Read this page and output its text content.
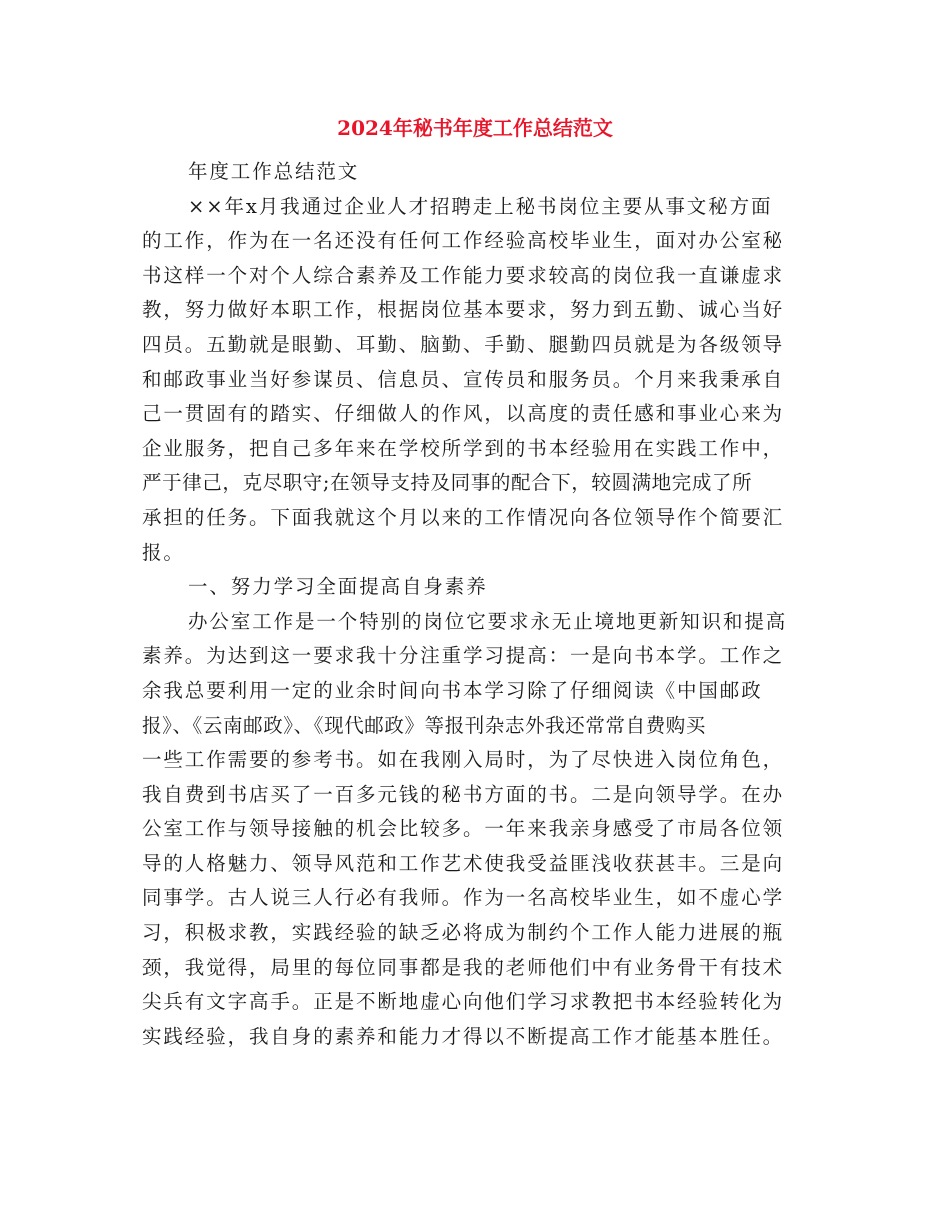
2024年秘书年度工作总结范文
年度工作总结范文
××年x月我通过企业人才招聘走上秘书岗位主要从事文秘方面
的工作，作为在一名还没有任何工作经验高校毕业生，面对办公室秘
书这样一个对个人综合素养及工作能力要求较高的岗位我一直谦虚求
教，努力做好本职工作，根据岗位基本要求，努力到五勤、诚心当好
四员。五勤就是眼勤、耳勤、脑勤、手勤、腿勤四员就是为各级领导
和邮政事业当好参谋员、信息员、宣传员和服务员。个月来我秉承自
己一贯固有的踏实、仔细做人的作风，以高度的责任感和事业心来为
企业服务，把自己多年来在学校所学到的书本经验用在实践工作中，
严于律己，克尽职守;在领导支持及同事的配合下，较圆满地完成了所
承担的任务。下面我就这个月以来的工作情况向各位领导作个简要汇
报。
一、努力学习全面提高自身素养
办公室工作是一个特别的岗位它要求永无止境地更新知识和提高
素养。为达到这一要求我十分注重学习提高：一是向书本学。工作之
余我总要利用一定的业余时间向书本学习除了仔细阅读《中国邮政
报》、《云南邮政》、《现代邮政》等报刊杂志外我还常常自费购买
一些工作需要的参考书。如在我刚入局时，为了尽快进入岗位角色，
我自费到书店买了一百多元钱的秘书方面的书。二是向领导学。在办
公室工作与领导接触的机会比较多。一年来我亲身感受了市局各位领
导的人格魅力、领导风范和工作艺术使我受益匪浅收获甚丰。三是向
同事学。古人说三人行必有我师。作为一名高校毕业生，如不虚心学
习，积极求教，实践经验的缺乏必将成为制约个工作人能力进展的瓶
颈，我觉得，局里的每位同事都是我的老师他们中有业务骨干有技术
尖兵有文字高手。正是不断地虚心向他们学习求教把书本经验转化为
实践经验，我自身的素养和能力才得以不断提高工作才能基本胜任。
